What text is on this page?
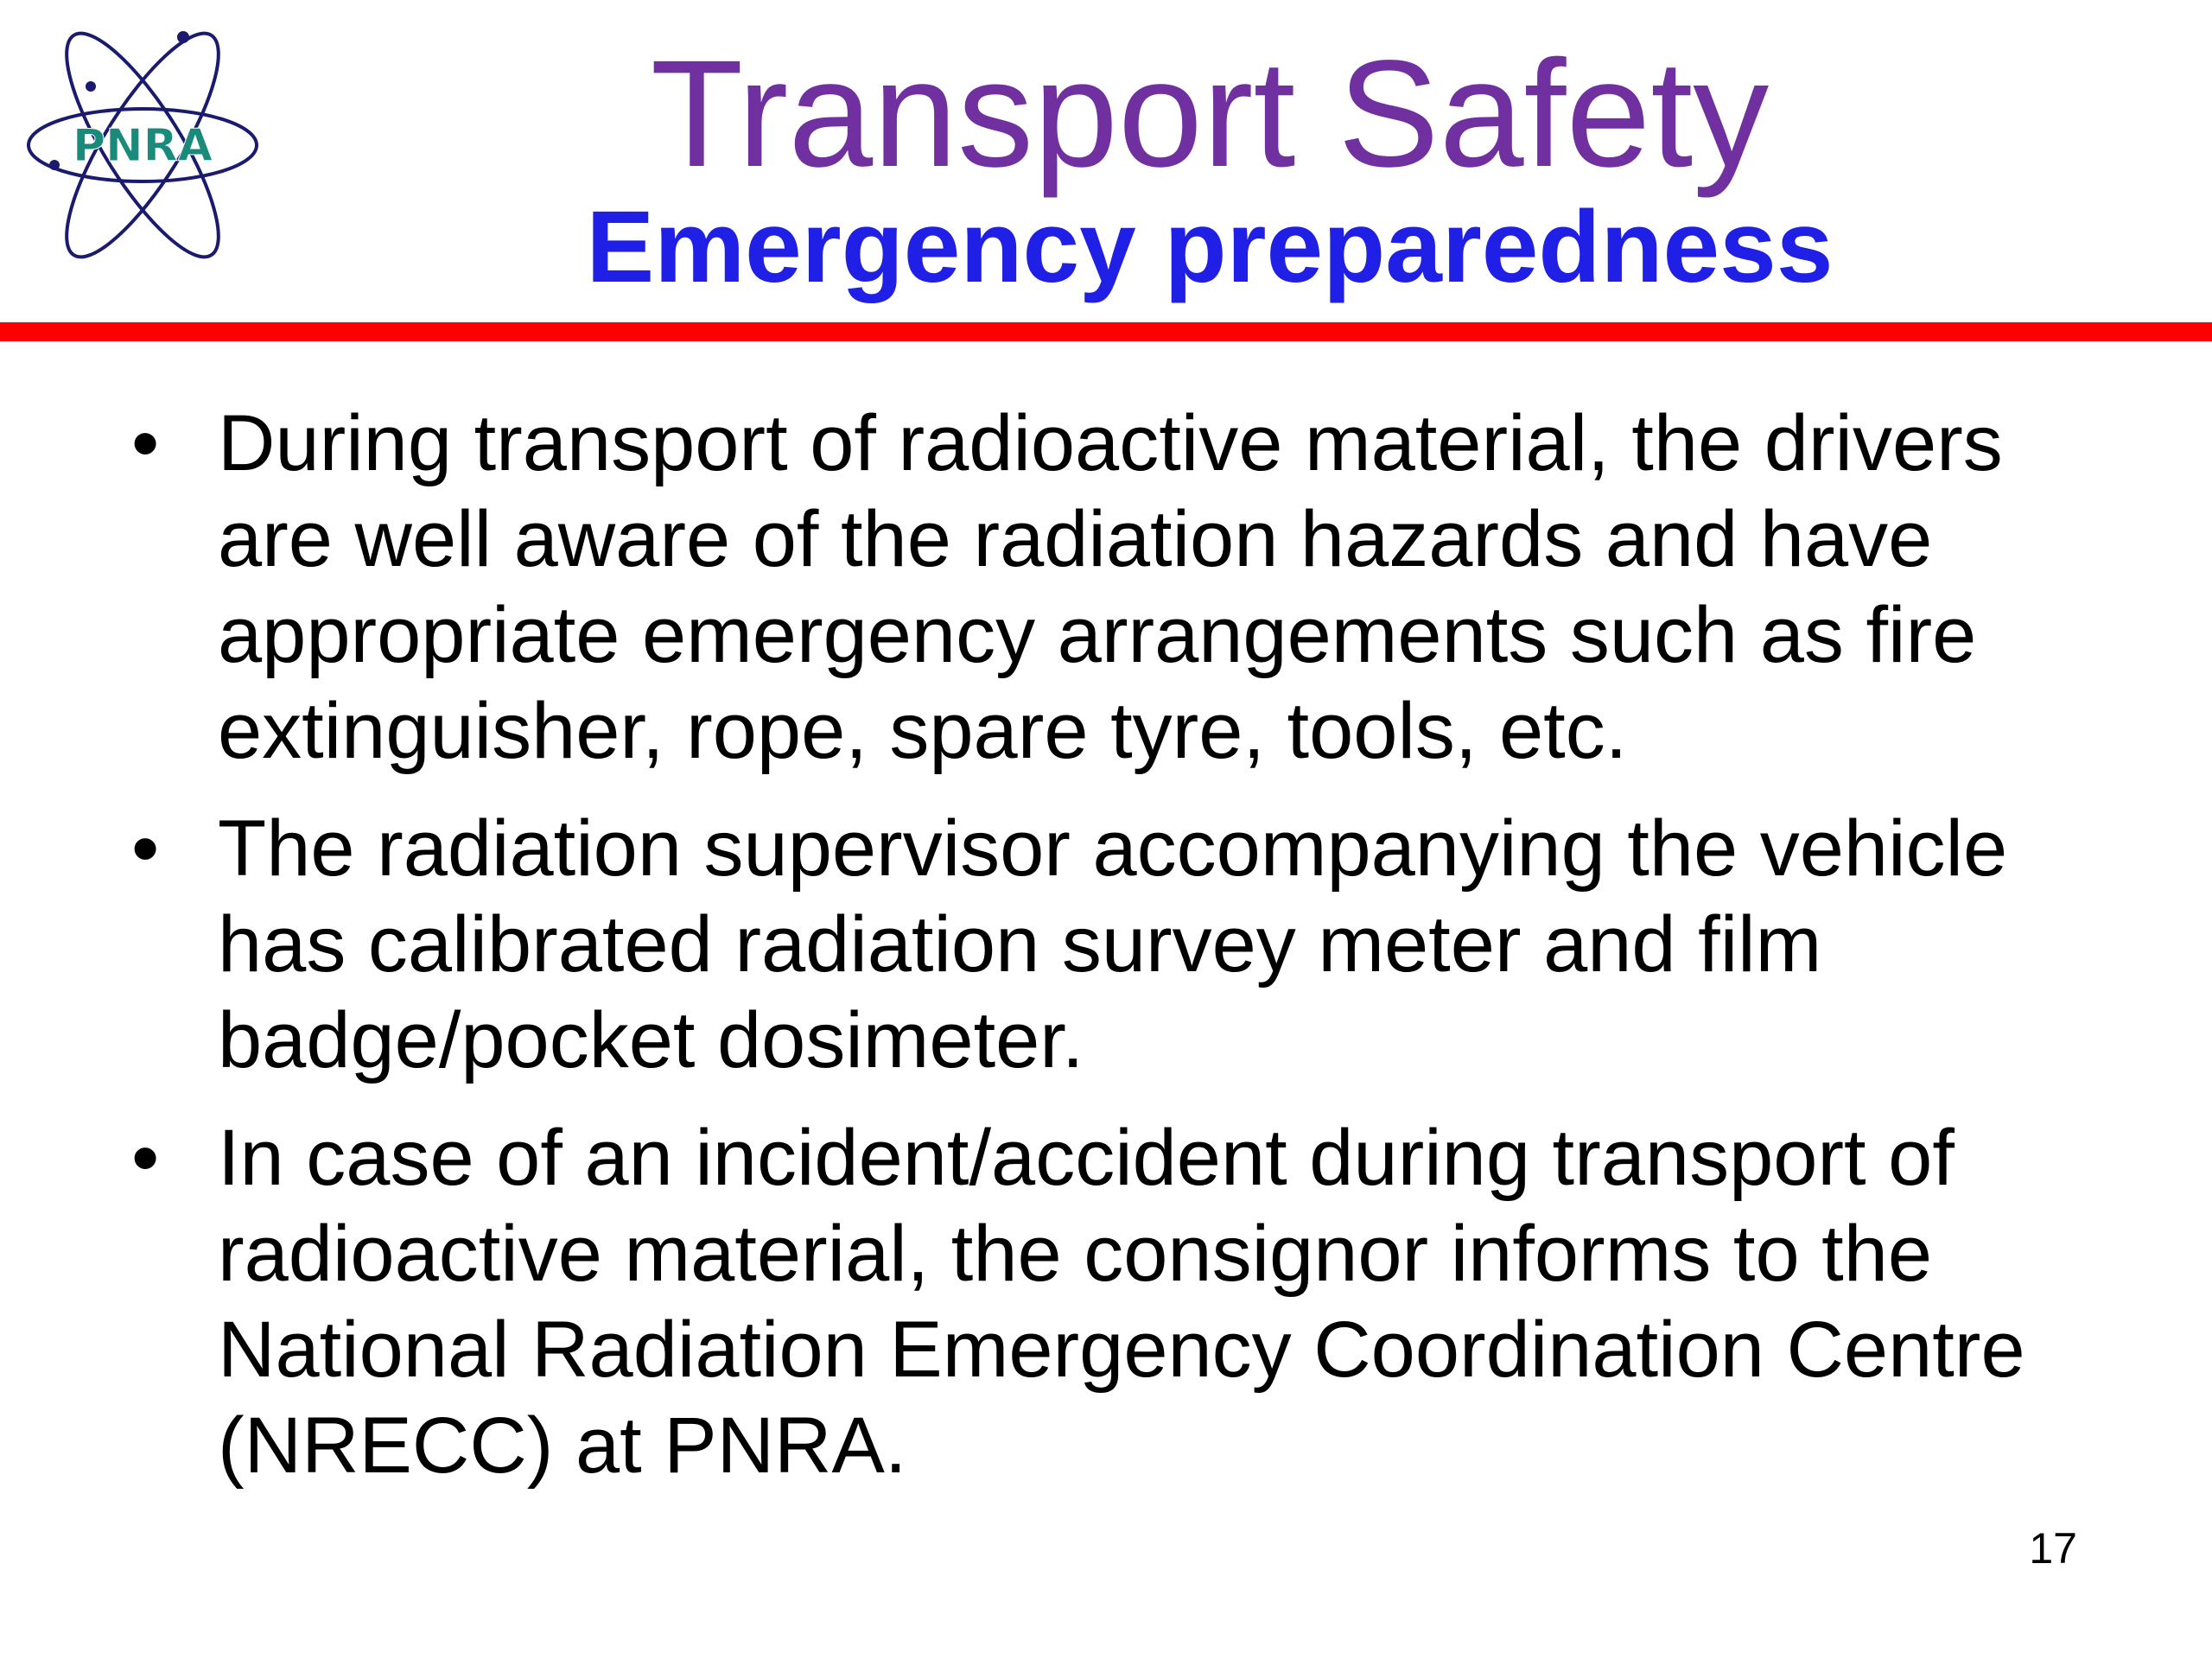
PNRA	Transport Safety
Emergency preparedness
• During transport of radioactive material, the drivers are well aware of the radiation hazards and have appropriate emergency arrangements such as fire extinguisher, rope, spare tyre, tools, etc.
• The radiation supervisor accompanying the vehicle has calibrated radiation survey meter and film badge/pocket dosimeter.
• In case of an incident/accident during transport of radioactive material, the consignor informs to the National Radiation Emergency Coordination Centre (NRECC) at PNRA.
17
